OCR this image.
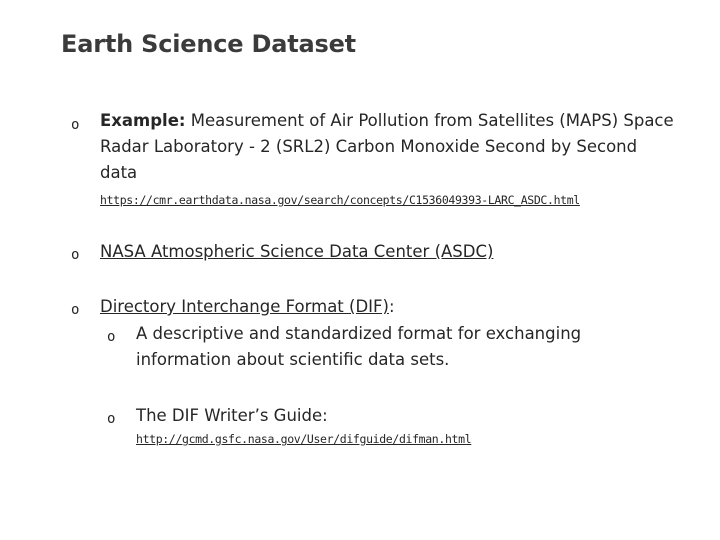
Earth Science Dataset
o Example: Measurement of Air Pollution from Satellites (MAPS) Space Radar Laboratory - 2 (SRL2) Carbon Monoxide Second by Second data
https://cmr.earthdata.nasa.gov/search/concepts/C1536049393-LARC_ASDC.html
o NASA Atmospheric Science Data Center (ASDC)
o Directory Interchange Format (DIF):
o A descriptive and standardized format for exchanging information about scientific data sets.
o The DIF Writer’s Guide:
http://gcmd.gsfc.nasa.gov/User/difguide/difman.html
